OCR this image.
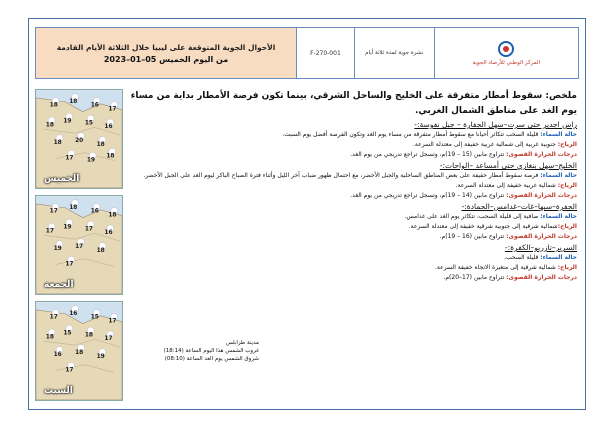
الأحوال الجوية المتوقعة على ليبيا خلال الثلاثة الأيام القادمة
من اليوم الخميس 05–01–2023
F-270-001	نشرة جوية لمدة ثلاثة أيام
المركز الوطني للأرصاد الجوية
18
18
16
17
18
19 15
16
18 20
18
17 19
18
الخميس
17
18
16
18
17
19 17
16
19 17
18
17
الجمعة
17
16
15
17
18
15 18
17
16 18
19
17
السبت
ملخص: سقوط أمطار متفرقة على الخليج والساحل الشرقي، بينما تكون فرصة الأمطار بداية من مساء يوم الغد على مناطق الشمال الغربي.
راس اجدير حتى سرت–سهل الجفارة – جبل نفوسة:-
حالة السماء: قليلة السحب تتكاثر أحيانا مع سقوط أمطار متفرقة من مساء يوم الغد وتكون الفرصة أفضل يوم السبت.
الرياح: جنوبية غربية إلى شمالية غربية خفيفة إلى معتدلة السرعة.
درجات الحرارة القصوى: تتراوح مابين (15 – 19)م، وتسجل تراجع تدريجي من يوم الغد.
الخليج–سهل بنغازي حتى أمساعد –الواحات:-
حالة السماء: فرصة سقوط أمطار خفيفة على بعض المناطق الساحلية والجبل الأخضر، مع احتمال ظهور ضباب آخر الليل وأثناء فترة الصباح الباكر ليوم الغد على الجبل الأخضر.
الرياح: شمالية غربية خفيفة إلى معتدلة السرعة.
درجات الحرارة القصوى: تتراوح مابين (14 – 19)م، وتسجل تراجع تدريجي من يوم الغد.
الجفرة–سبها–غات–غدامس–الحمادة:-
حالة السماء: صافية إلى قليلة السحب، تتكاثر يوم الغد على غدامس.
الرياح:شمالية شرقية إلى جنوبية شرقية خفيفة إلى معتدلة السرعة.
درجات الحرارة القصوى: تتراوح مابين (16 – 19)م.
السرير–تازربو–الكفرة:-
حالة السماء: قليلة السحب.
الرياح: شمالية شرقية إلى متغيرة الاتجاه خفيفة السرعة.
درجات الحرارة القصوى: تتراوح مابين (17–20)م.
مدينة طرابلس
غروب الشمس هذا اليوم الساعة (18:14)
شروق الشمس يوم الغد الساعة (08:10)
